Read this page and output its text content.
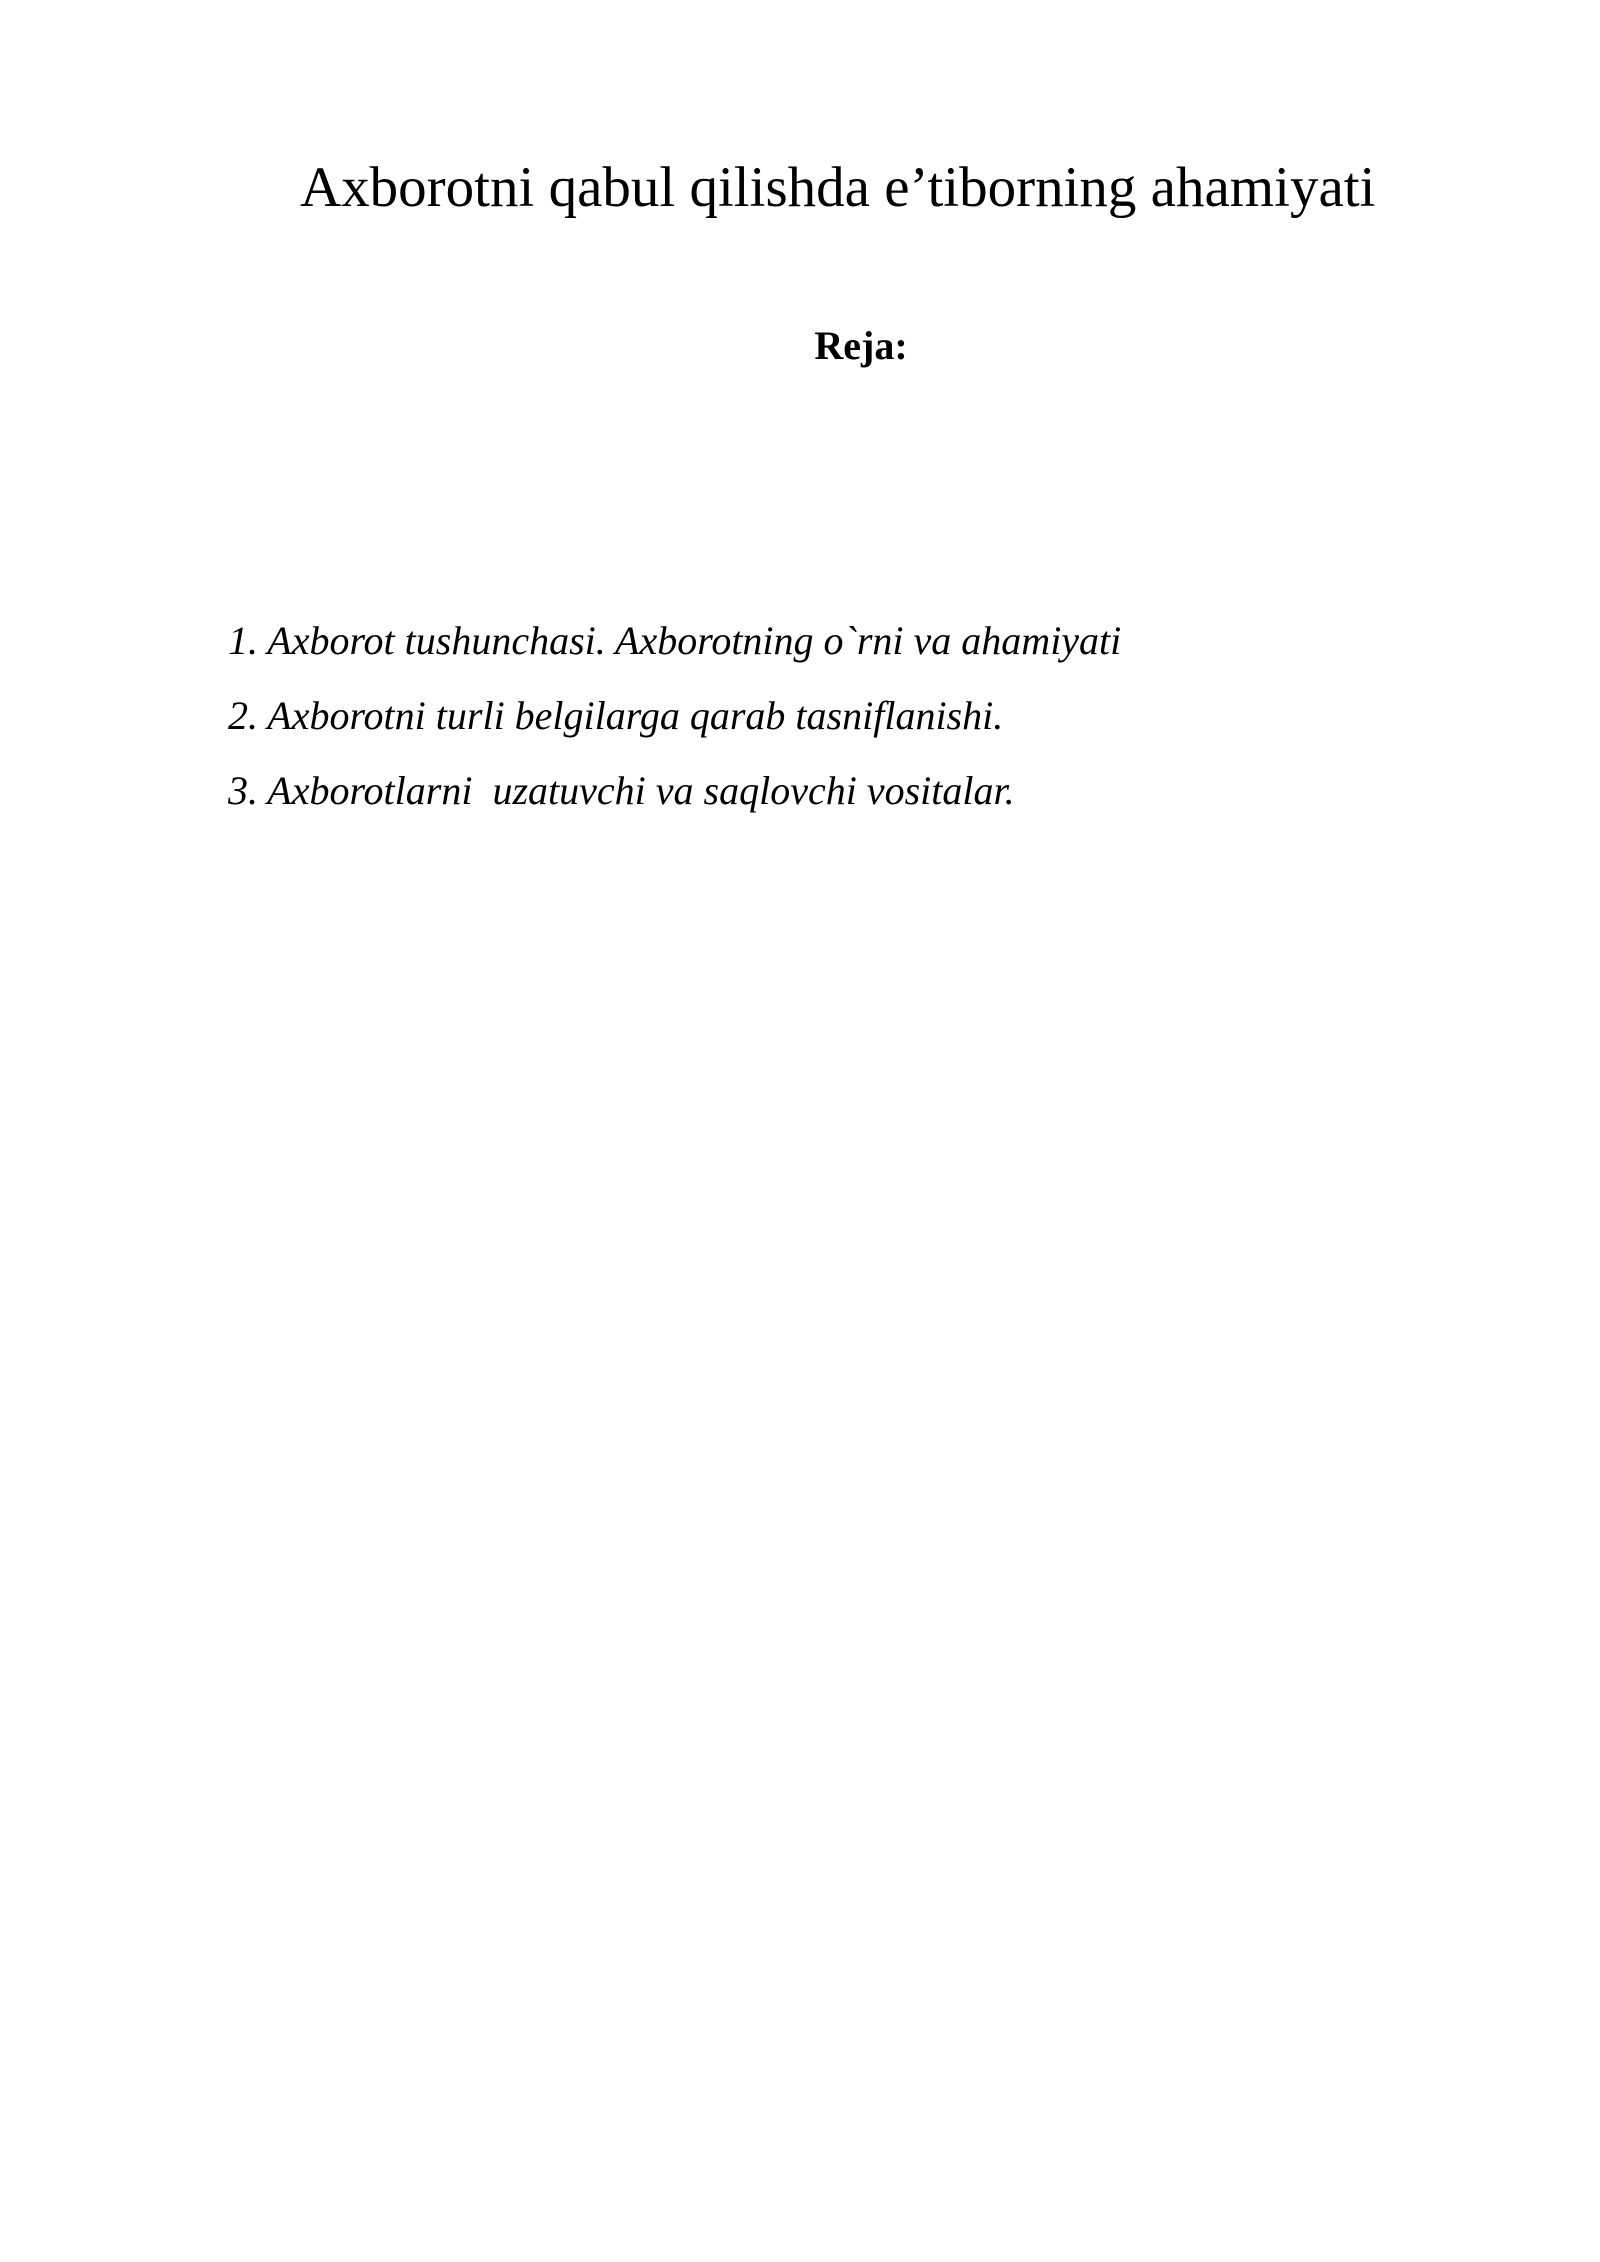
Axborotni qabul qilishda e’tiborning ahamiyati
Reja:
1. Axborot tushunchasi. Axborotning o`rni va ahamiyati
2. Axborotni turli belgilarga qarab tasniflanishi.
3. Axborotlarni  uzatuvchi va saqlovchi vositalar.
